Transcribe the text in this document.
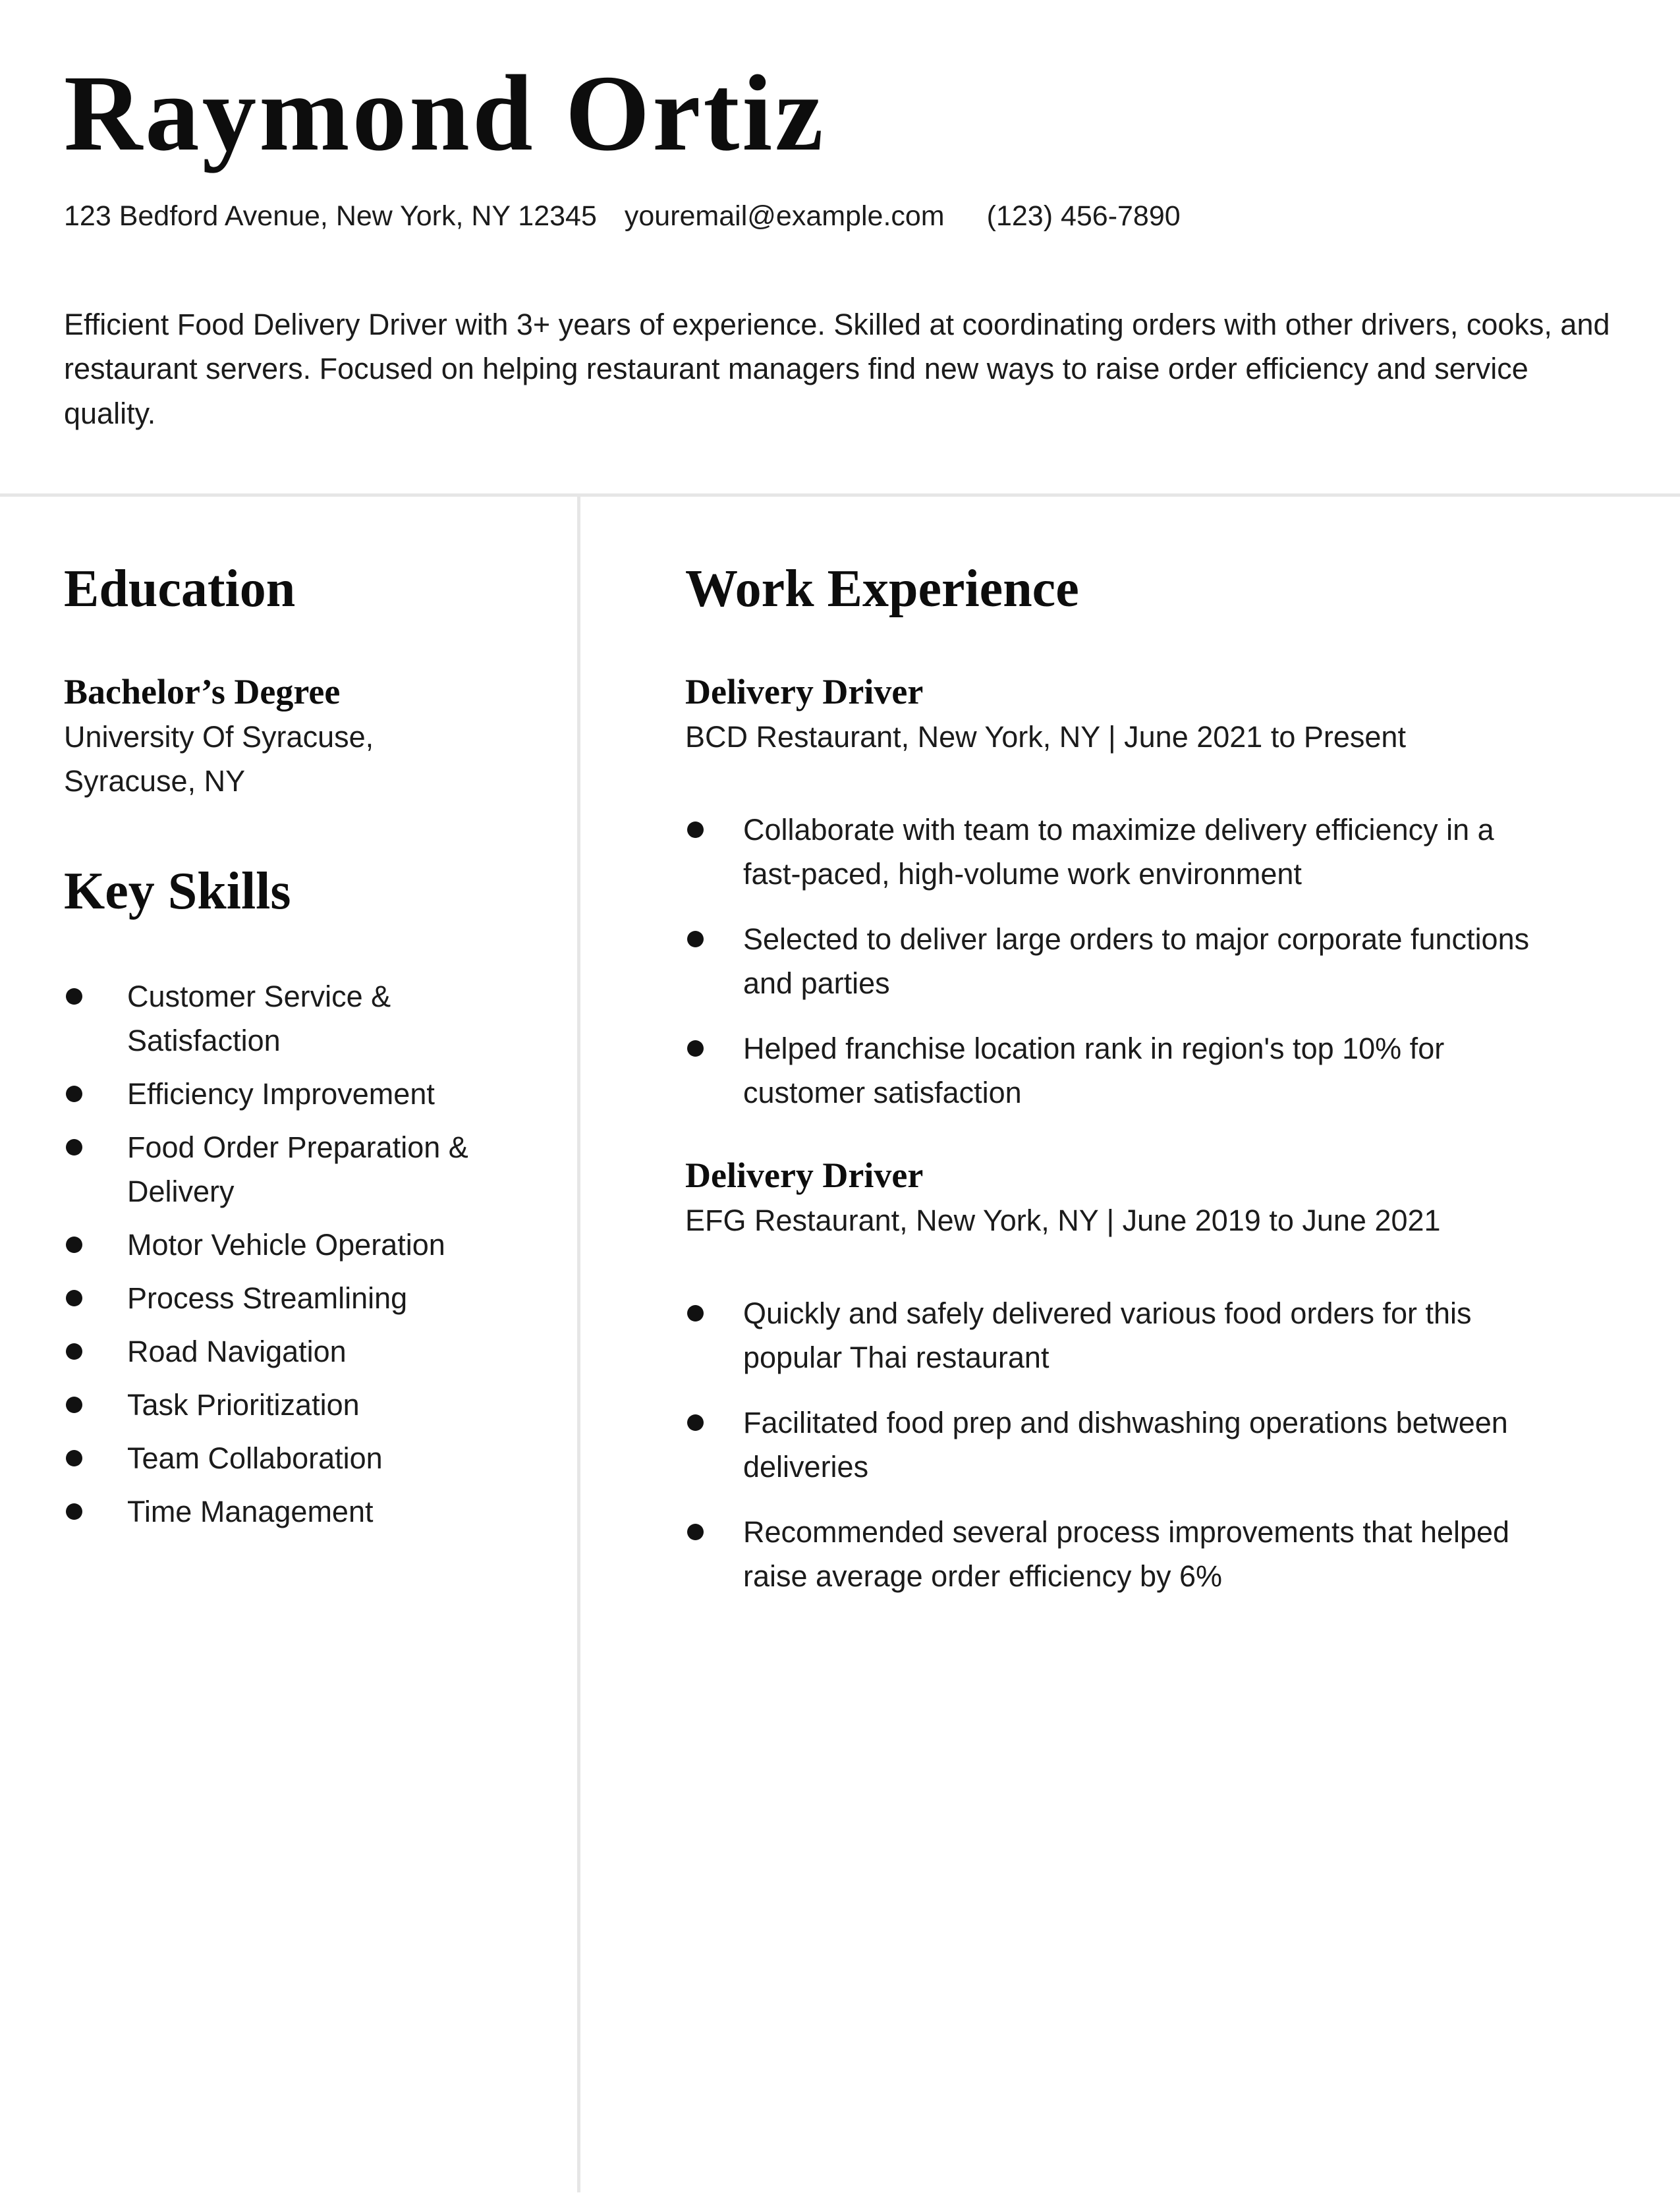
Raymond Ortiz
123 Bedford Avenue, New York, NY 12345 youremail@example.com (123) 456-7890

Efficient Food Delivery Driver with 3+ years of experience. Skilled at coordinating orders with other drivers, cooks, and restaurant servers. Focused on helping restaurant managers find new ways to raise order efficiency and service quality.

Education
Bachelor’s Degree

University Of Syracuse,

Syracuse, NY

Key Skills
Customer Service & Satisfaction
Efficiency Improvement
Food Order Preparation & Delivery
Motor Vehicle Operation
Process Streamlining
Road Navigation
Task Prioritization
Team Collaboration
Time Management
Work Experience
Delivery Driver

BCD Restaurant, New York, NY | June 2021 to Present

Collaborate with team to maximize delivery efficiency in a fast-paced, high-volume work environment
Selected to deliver large orders to major corporate functions and parties
Helped franchise location rank in region's top 10% for customer satisfaction
Delivery Driver

EFG Restaurant, New York, NY | June 2019 to June 2021

Quickly and safely delivered various food orders for this popular Thai restaurant
Facilitated food prep and dishwashing operations between deliveries
Recommended several process improvements that helped raise average order efficiency by 6%
